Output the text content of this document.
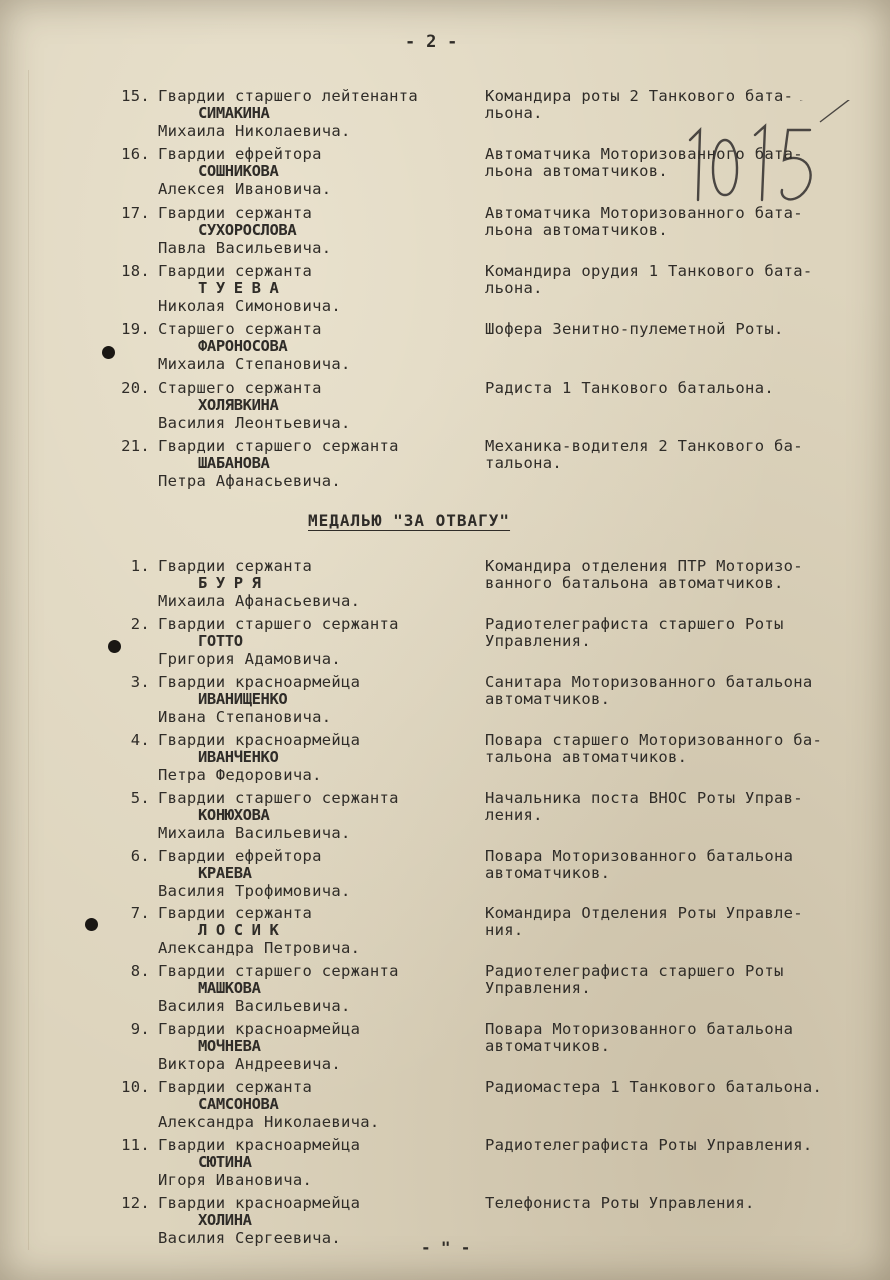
- 2 -
15. Гвардии старшего лейтенанта
СИМАКИНА
Михаила Николаевича.
Командира роты 2 Танкового бата-
льона.
16. Гвардии ефрейтора
СОШНИКОВА
Алексея Ивановича.
Автоматчика Моторизованного бата-
льона автоматчиков.
17. Гвардии сержанта
СУХОРОСЛОВА
Павла Васильевича.
Автоматчика Моторизованного бата-
льона автоматчиков.
18. Гвардии сержанта
Т У Е В А
Николая Симоновича.
Командира орудия 1 Танкового бата-
льона.
19. Старшего сержанта
ФАРОНОСОВА
Михаила Степановича.
Шофера Зенитно-пулеметной Роты.
20. Старшего сержанта
ХОЛЯВКИНА
Василия Леонтьевича.
Радиста 1 Танкового батальона.
21. Гвардии старшего сержанта
ШАБАНОВА
Петра Афанасьевича.
Механика-водителя 2 Танкового ба-
тальона.
МЕДАЛЬЮ "ЗА ОТВАГУ"
1. Гвардии сержанта
Б У Р Я
Михаила Афанасьевича.
Командира отделения ПТР Моторизо-
ванного батальона автоматчиков.
2. Гвардии старшего сержанта
ГОТТО
Григория Адамовича.
Радиотелеграфиста старшего Роты
Управления.
3. Гвардии красноармейца
ИВАНИЩЕНКО
Ивана Степановича.
Санитара Моторизованного батальона
автоматчиков.
4. Гвардии красноармейца
ИВАНЧЕНКО
Петра Федоровича.
Повара старшего Моторизованного ба-
тальона автоматчиков.
5. Гвардии старшего сержанта
КОНЮХОВА
Михаила Васильевича.
Начальника поста ВНОС Роты Управ-
ления.
6. Гвардии ефрейтора
КРАЕВА
Василия Трофимовича.
Повара Моторизованного батальона
автоматчиков.
7. Гвардии сержанта
Л О С И К
Александра Петровича.
Командира Отделения Роты Управле-
ния.
8. Гвардии старшего сержанта
МАШКОВА
Василия Васильевича.
Радиотелеграфиста старшего Роты
Управления.
9. Гвардии красноармейца
МОЧНЕВА
Виктора Андреевича.
Повара Моторизованного батальона
автоматчиков.
10. Гвардии сержанта
САМСОНОВА
Александра Николаевича.
Радиомастера 1 Танкового батальона.
11. Гвардии красноармейца
СЮТИНА
Игоря Ивановича.
Радиотелеграфиста Роты Управления.
12. Гвардии красноармейца
ХОЛИНА
Василия Сергеевича.
Телефониста Роты Управления.
- " -
